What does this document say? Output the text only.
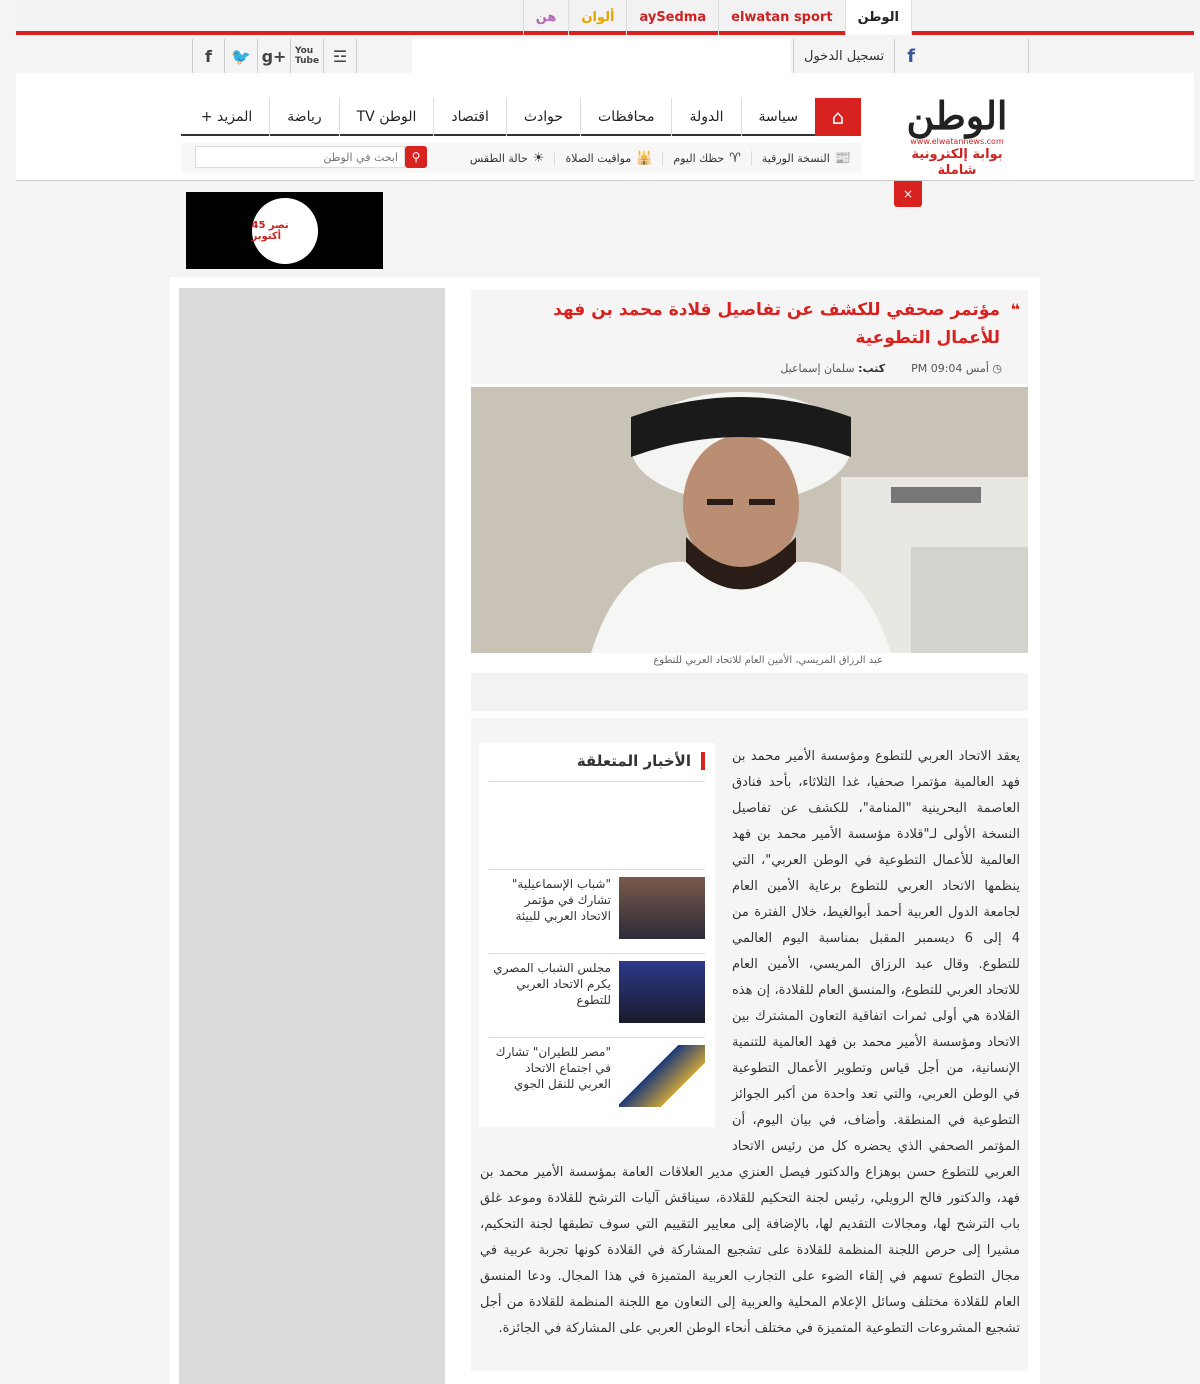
الوطن
elwatan sport
aySedma
ألوان
هن
f	🐦 g+ You
Tube ☲	f
تسجيل الدخول
الوطن
www.elwatannews.com
بوابة إلكترونية شاملة
⌂
سياسة
الدولة
محافظات
حوادث
اقتصاد
الوطن TV
رياضة
المزيد +
📰
النسخة الورقية
♈
حظك اليوم
🕌
مواقيت الصلاة
☀
حالة الطقس
⚲
ابحث في الوطن
45 نصر أكتوبر
×
❝ مؤتمر صحفي للكشف عن تفاصيل قلادة محمد بن فهد للأعمال التطوعية
◷ أمس 09:04 PM
كتب: سلمان إسماعيل
عبد الرزاق المريسي، الأمين العام للاتحاد العربي للتطوع
يعقد الاتحاد العربي للتطوع ومؤسسة الأمير محمد بن فهد العالمية مؤتمرا صحفيا، غدا الثلاثاء، بأحد فنادق العاصمة البحرينية "المنامة"، للكشف عن تفاصيل النسخة الأولى لـ"قلادة مؤسسة الأمير محمد بن فهد العالمية للأعمال التطوعية في الوطن العربي"، التي ينظمها الاتحاد العربي للتطوع برعاية الأمين العام لجامعة الدول العربية أحمد أبوالغيط، خلال الفترة من 4 إلى 6 ديسمبر المقبل بمناسبة اليوم العالمي للتطوع. وقال عبد الرزاق المريسي، الأمين العام للاتحاد العربي للتطوع، والمنسق العام للقلادة، إن هذه القلادة هي أولى ثمرات اتفاقية التعاون المشترك بين الاتحاد ومؤسسة الأمير محمد بن فهد العالمية للتنمية الإنسانية، من أجل قياس وتطوير الأعمال التطوعية في الوطن العربي، والتي تعد واحدة من أكبر الجوائز التطوعية في المنطقة. وأضاف، في بيان اليوم، أن المؤتمر الصحفي الذي يحضره كل من رئيس الاتحاد العربي للتطوع حسن بوهزاع والدكتور فيصل العنزي مدير العلاقات العامة بمؤسسة الأمير محمد بن فهد، والدكتور فالح الرويلي، رئيس لجنة التحكيم للقلادة، سيناقش آليات الترشح للقلادة وموعد غلق باب الترشح لها، ومجالات التقديم لها، بالإضافة إلى معايير التقييم التي سوف تطبقها لجنة التحكيم، مشيرا إلى حرص اللجنة المنظمة للقلادة على تشجيع المشاركة في القلادة كونها تجربة عربية في مجال التطوع تسهم في إلقاء الضوء على التجارب العربية المتميزة في هذا المجال. ودعا المنسق العام للقلادة مختلف وسائل الإعلام المحلية والعربية إلى التعاون مع اللجنة المنظمة للقلادة من أجل تشجيع المشروعات التطوعية المتميزة في مختلف أنحاء الوطن العربي على المشاركة في الجائزة.
الأخبار المتعلقة
"شباب الإسماعيلية" تشارك في مؤتمر الاتحاد العربي للبيئة
مجلس الشباب المصري يكرم الاتحاد العربي للتطوع
"مصر للطيران" تشارك في اجتماع الاتحاد العربي للنقل الجوي
